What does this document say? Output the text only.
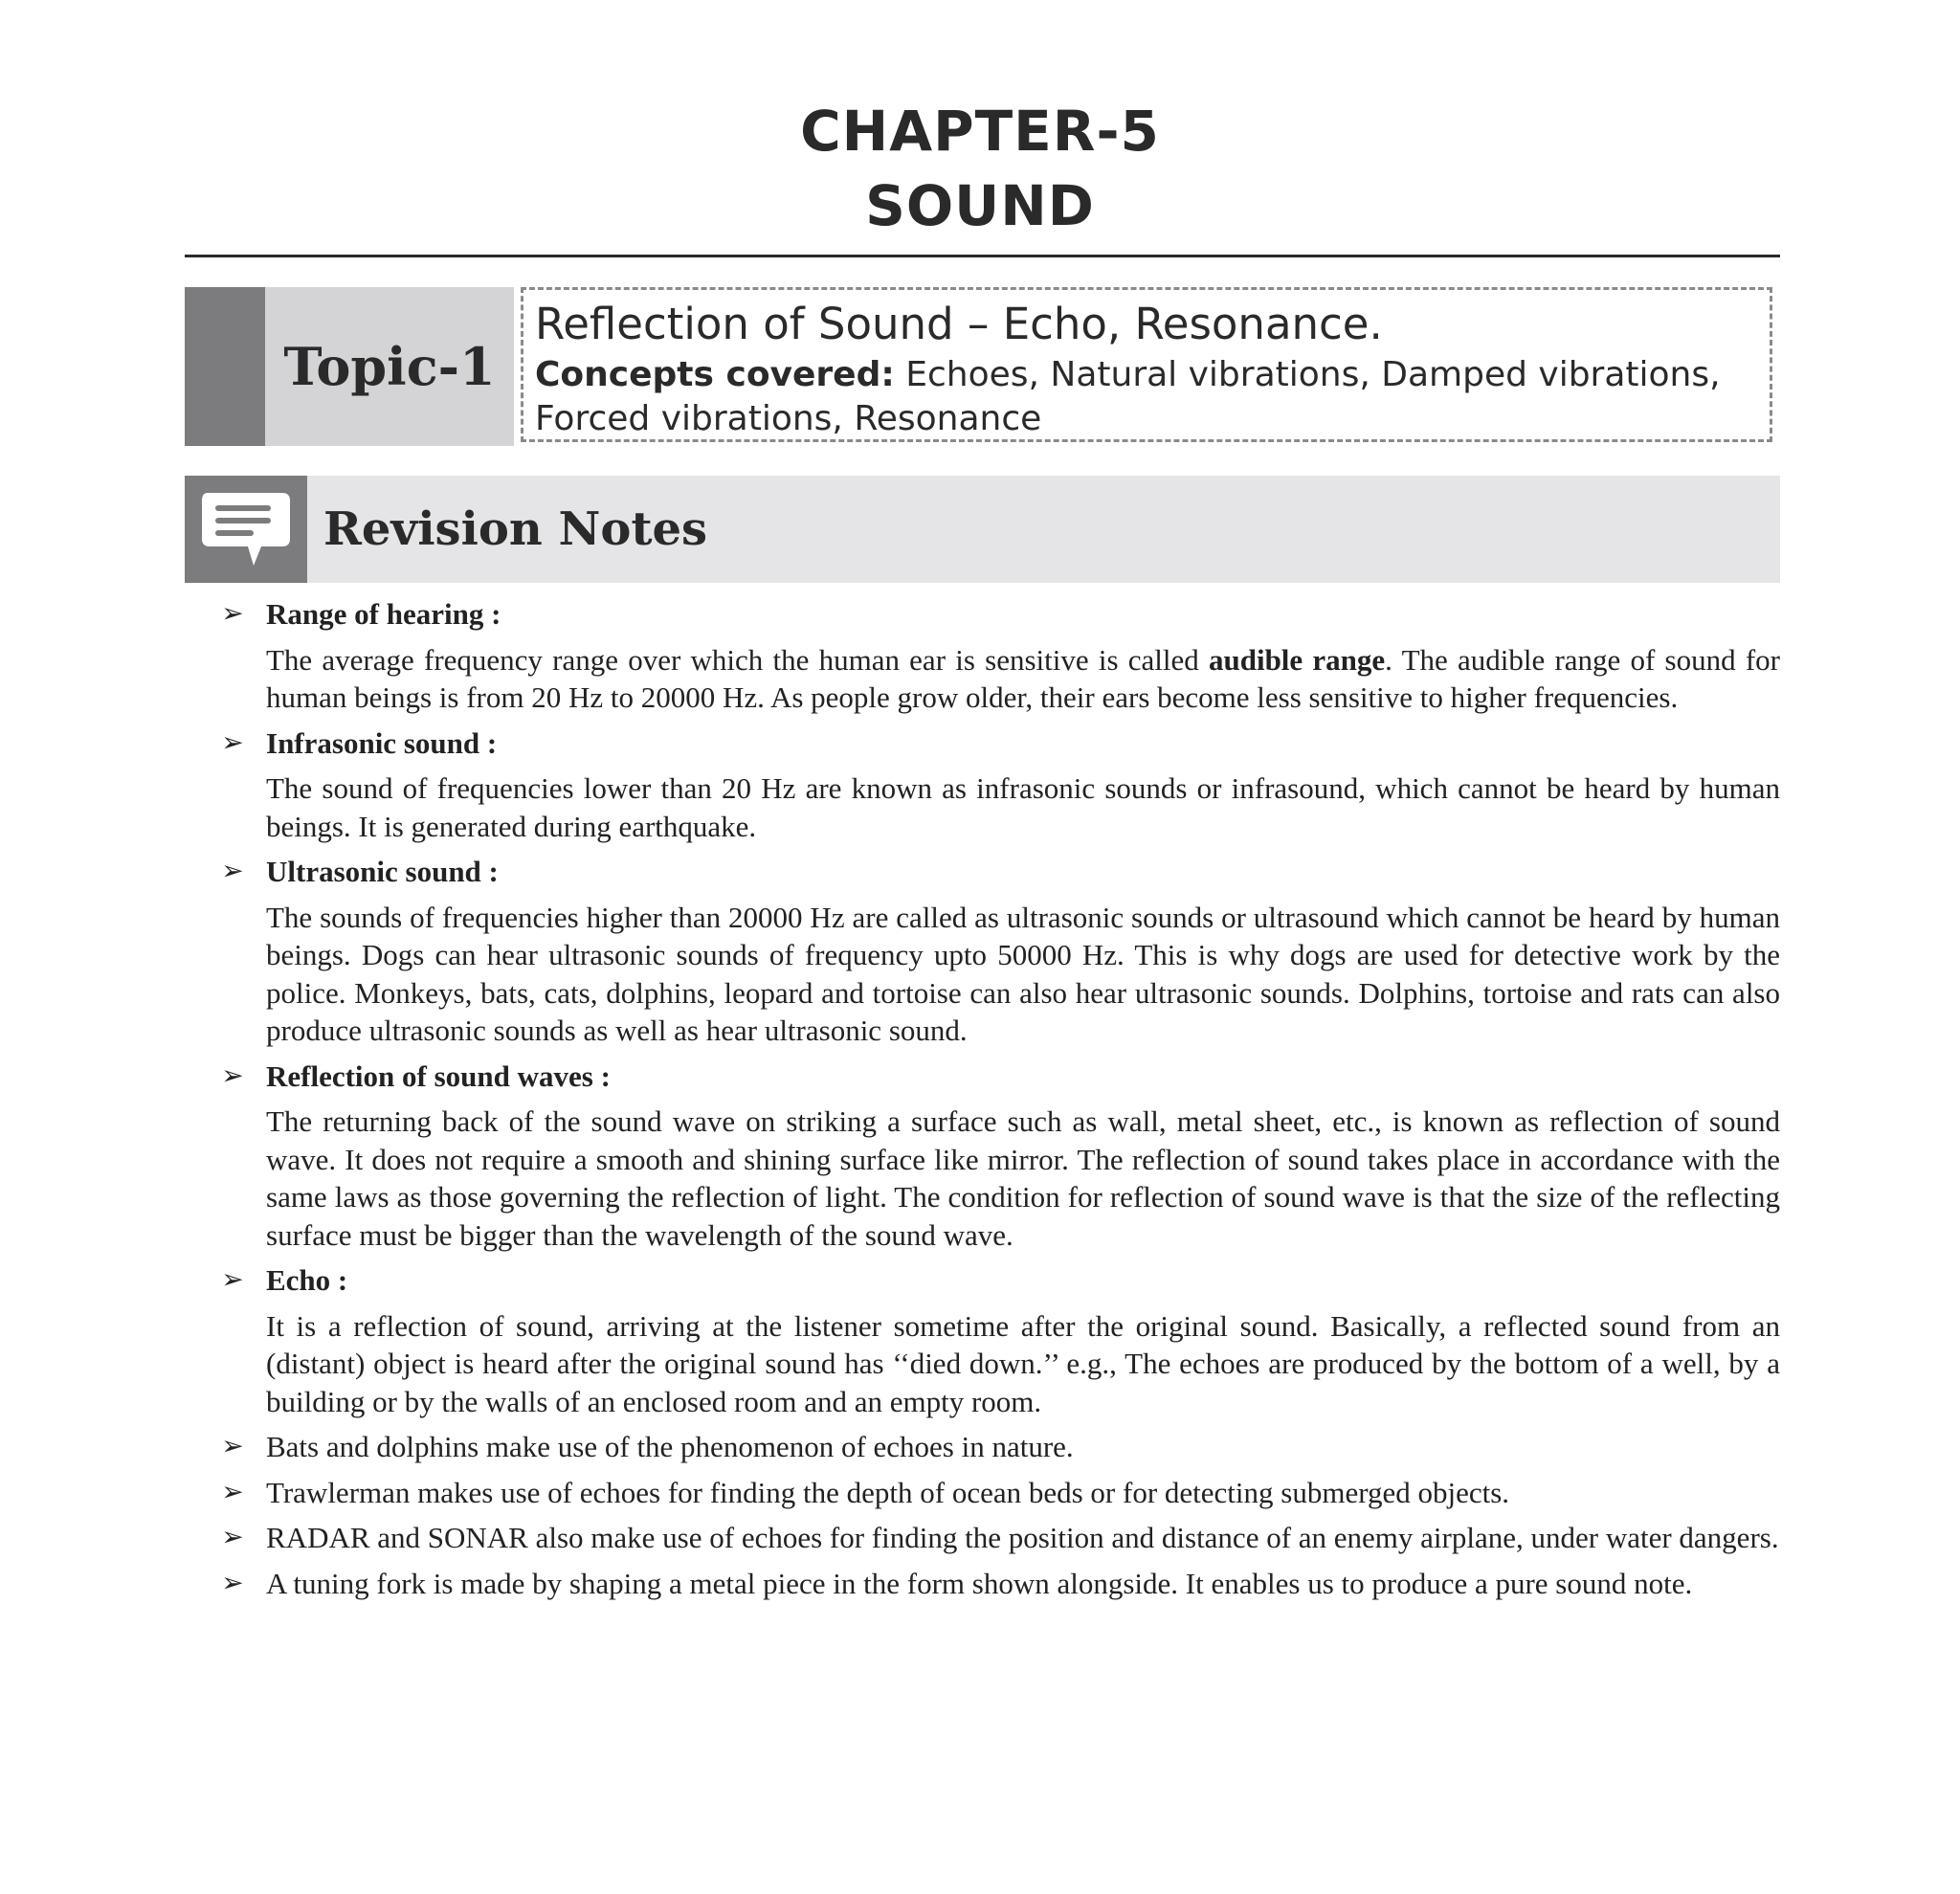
CHAPTER-5
SOUND
Topic-1
Reflection of Sound – Echo, Resonance.
Concepts covered: Echoes, Natural vibrations, Damped vibrations, Forced vibrations, Resonance
Revision Notes
➢ Range of hearing :
The average frequency range over which the human ear is sensitive is called audible range. The audible range of sound for human beings is from 20 Hz to 20000 Hz. As people grow older, their ears become less sensitive to higher frequencies.
➢ Infrasonic sound :
The sound of frequencies lower than 20 Hz are known as infrasonic sounds or infrasound, which cannot be heard by human beings. It is generated during earthquake.
➢ Ultrasonic sound :
The sounds of frequencies higher than 20000 Hz are called as ultrasonic sounds or ultrasound which cannot be heard by human beings. Dogs can hear ultrasonic sounds of frequency upto 50000 Hz. This is why dogs are used for detective work by the police. Monkeys, bats, cats, dolphins, leopard and tortoise can also hear ultrasonic sounds. Dolphins, tortoise and rats can also produce ultrasonic sounds as well as hear ultrasonic sound.
➢ Reflection of sound waves :
The returning back of the sound wave on striking a surface such as wall, metal sheet, etc., is known as reflection of sound wave. It does not require a smooth and shining surface like mirror. The reflection of sound takes place in accordance with the same laws as those governing the reflection of light. The condition for reflection of sound wave is that the size of the reflecting surface must be bigger than the wavelength of the sound wave.
➢ Echo :
It is a reflection of sound, arriving at the listener sometime after the original sound. Basically, a reflected sound from an (distant) object is heard after the original sound has ‘‘died down.’’ e.g., The echoes are produced by the bottom of a well, by a building or by the walls of an enclosed room and an empty room.
➢ Bats and dolphins make use of the phenomenon of echoes in nature.
➢ Trawlerman makes use of echoes for finding the depth of ocean beds or for detecting submerged objects.
➢ RADAR and SONAR also make use of echoes for finding the position and distance of an enemy airplane, under water dangers.
➢ A tuning fork is made by shaping a metal piece in the form shown alongside. It enables us to produce a pure sound note.
